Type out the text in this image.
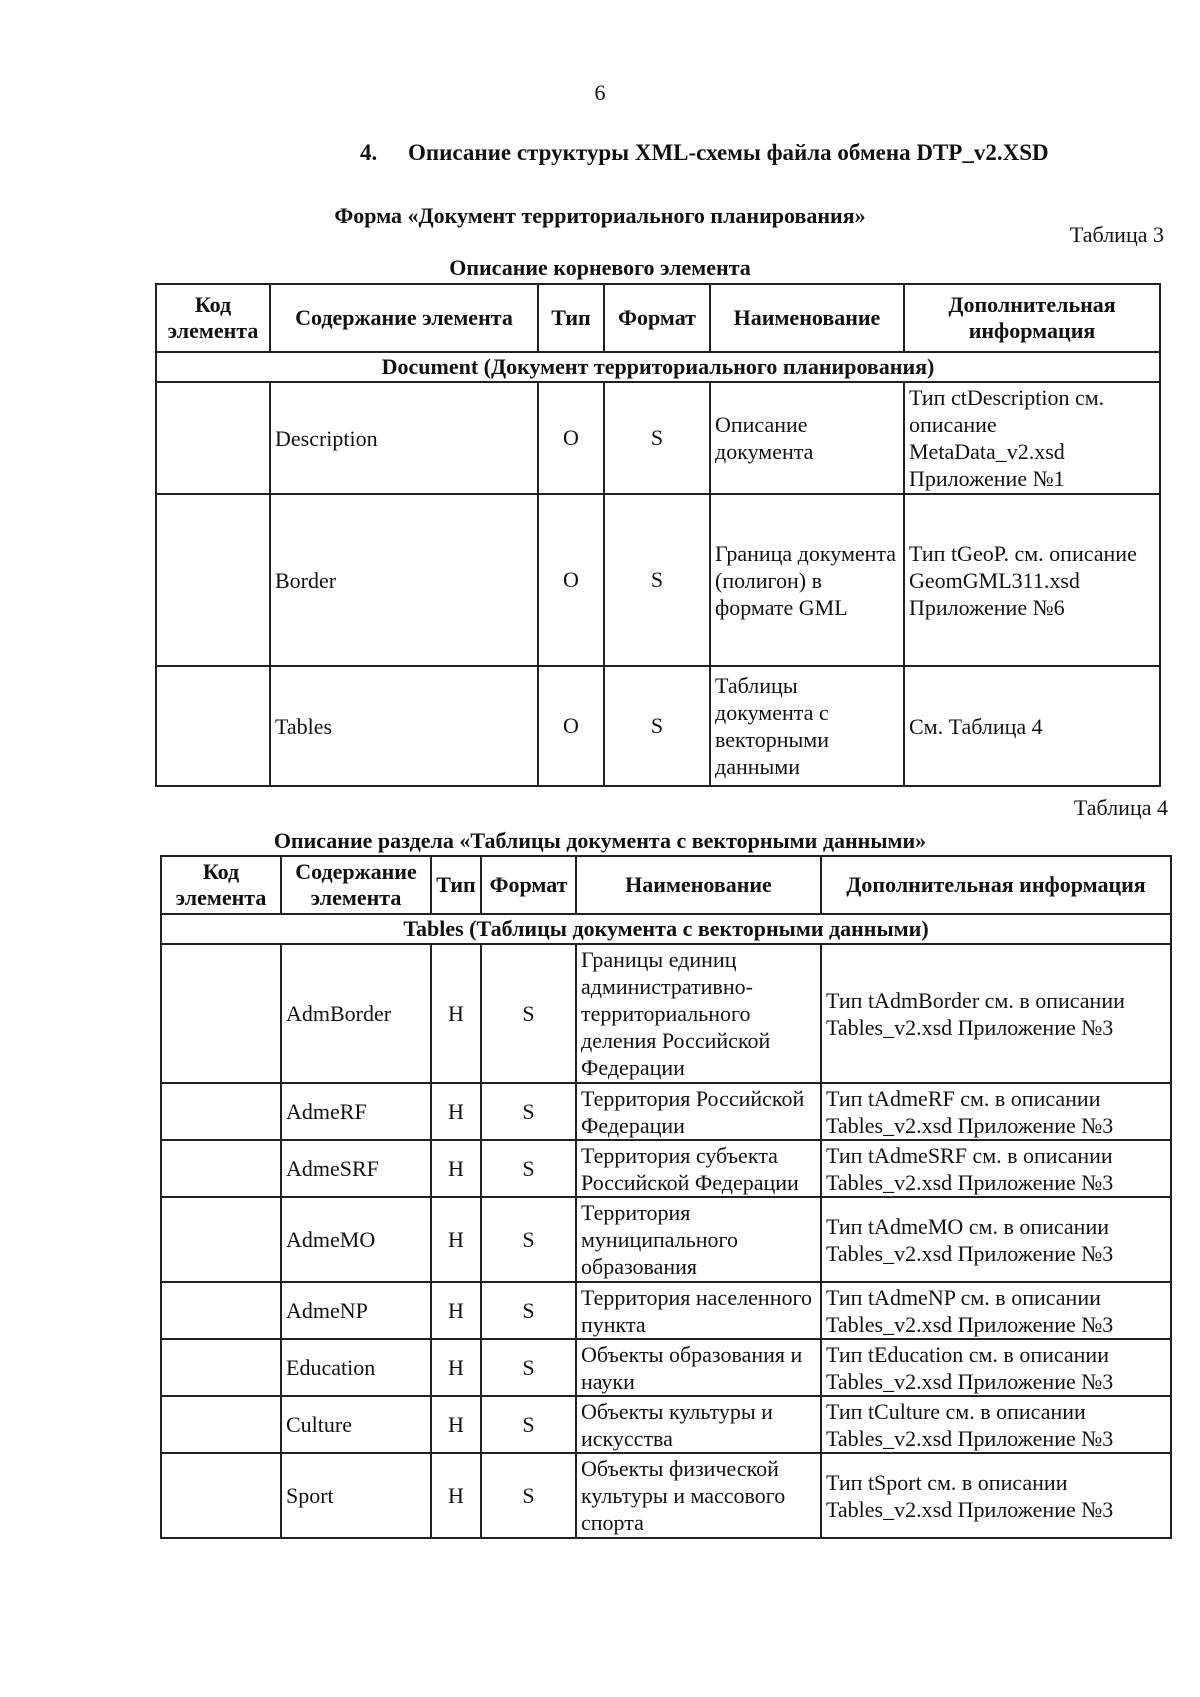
6
4. Описание структуры XML-схемы файла обмена DTP_v2.XSD
Форма «Документ территориального планирования»
Таблица 3
Описание корневого элемента
Код элемента	Содержание элемента	Тип	Формат	Наименование	Дополнительная информация
Document (Документ территориального планирования)					
	Description	O	S	Описание документа	Тип ctDescription см. описание MetaData_v2.xsd Приложение №1
	Border	O	S	Граница документа (полигон) в формате GML	Тип tGeoP. см. описание GeomGML311.xsd Приложение №6
	Tables	O	S	Таблицы документа с векторными данными	См. Таблица 4
Таблица 4
Описание раздела «Таблицы документа с векторными данными»
Код элемента	Содержание элемента	Тип	Формат	Наименование	Дополнительная информация
Tables (Таблицы документа с векторными данными)					
	AdmBorder	Н	S	Границы единиц административно-территориального деления Российской Федерации	Тип tAdmBorder см. в описании Tables_v2.xsd Приложение №3
	AdmeRF	Н	S	Территория Российской Федерации	Тип tAdmeRF см. в описании Tables_v2.xsd Приложение №3
	AdmeSRF	Н	S	Территория субъекта Российской Федерации	Тип tAdmeSRF см. в описании Tables_v2.xsd Приложение №3
	AdmeMO	Н	S	Территория муниципального образования	Тип tAdmeMO см. в описании Tables_v2.xsd Приложение №3
	AdmeNP	Н	S	Территория населенного пункта	Тип tAdmeNP см. в описании Tables_v2.xsd Приложение №3
	Education	Н	S	Объекты образования и науки	Тип tEducation см. в описании Tables_v2.xsd Приложение №3
	Culture	Н	S	Объекты культуры и искусства	Тип tCulture см. в описании Tables_v2.xsd Приложение №3
	Sport	Н	S	Объекты физической культуры и массового спорта	Тип tSport см. в описании Tables_v2.xsd Приложение №3
